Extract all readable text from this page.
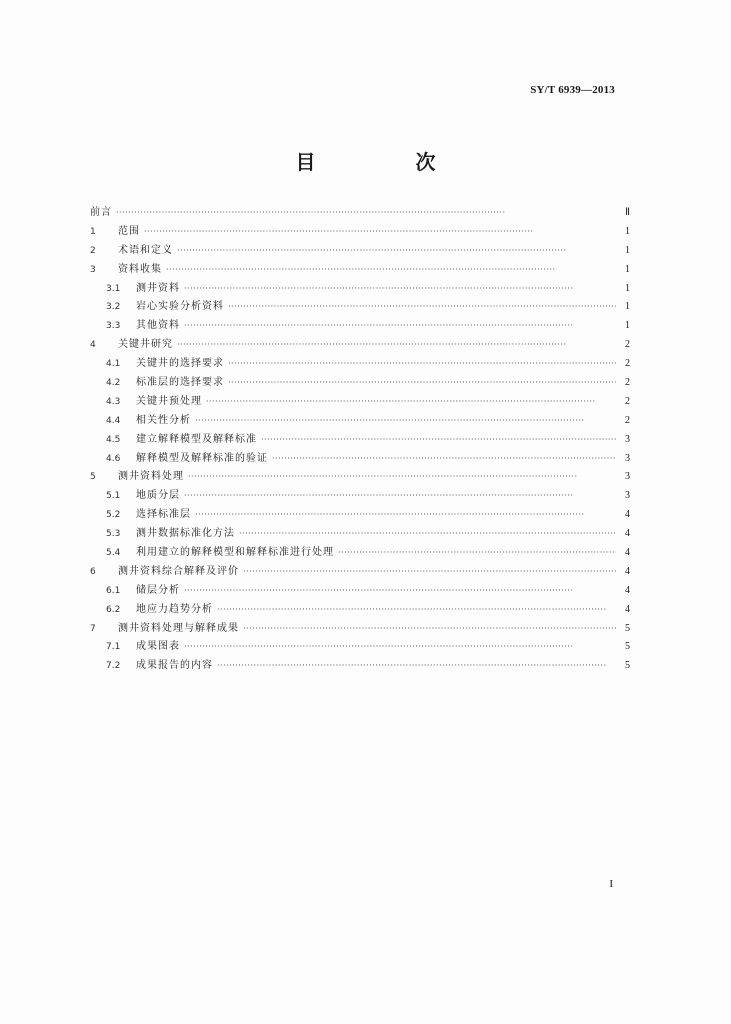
SY/T 6939—2013
目　次
前言 ·····	Ⅱ
1	范围 ·····	1
2	术语和定义 ·····	1
3	资料收集 ·····	1
3.1	测井资料 ·····	1
3.2	岩心实验分析资料 ·····	1
3.3	其他资料 ·····	1
4	关键井研究 ·····	2
4.1	关键井的选择要求 ·····	2
4.2	标准层的选择要求 ·····	2
4.3	关键井预处理 ·····	2
4.4	相关性分析 ·····	2
4.5	建立解释模型及解释标准 ·····	3
4.6	解释模型及解释标准的验证 ·····	3
5	测井资料处理 ·····	3
5.1	地质分层 ·····	3
5.2	选择标准层 ·····	4
5.3	测井数据标准化方法 ·····	4
5.4	利用建立的解释模型和解释标准进行处理 ·····	4
6	测井资料综合解释及评价 ·····	4
6.1	储层分析 ·····	4
6.2	地应力趋势分析 ·····	4
7	测井资料处理与解释成果 ·····	5
7.1	成果图表 ·····	5
7.2	成果报告的内容 ·····	5
I
